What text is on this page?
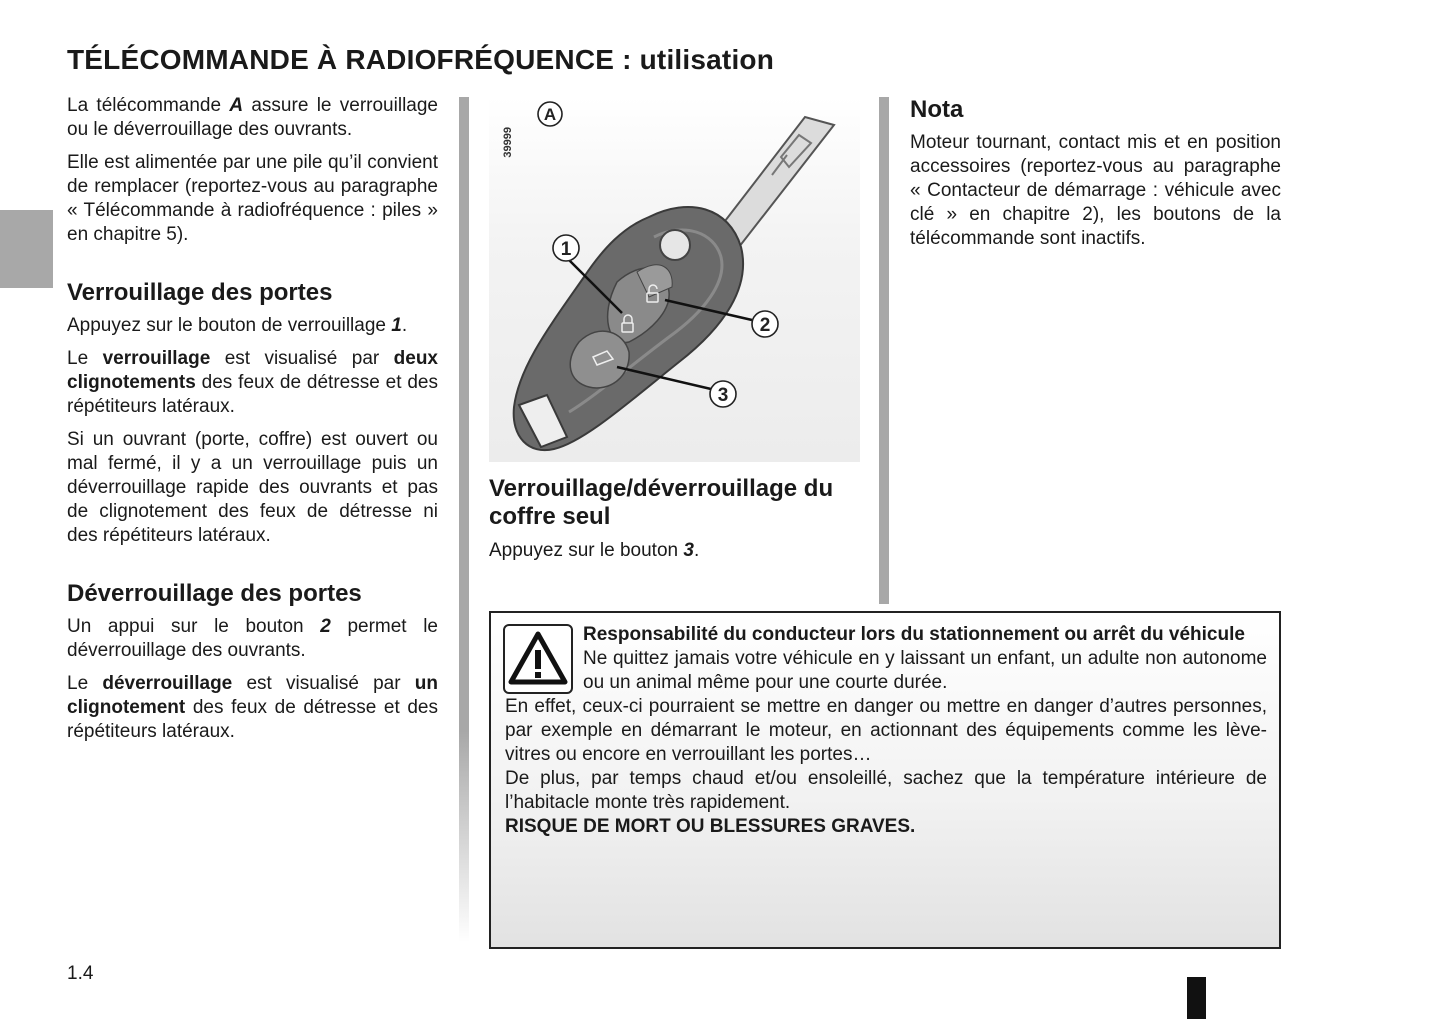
TÉLÉCOMMANDE À RADIOFRÉQUENCE : utilisation

La télécommande A assure le verrouillage ou le déverrouillage des ouvrants.

Elle est alimentée par une pile qu’il convient de remplacer (reportez-vous au paragraphe « Télécommande à radiofréquence : piles » en chapitre 5).

Verrouillage des portes

Appuyez sur le bouton de verrouillage 1.

Le verrouillage est visualisé par deux clignotements des feux de détresse et des répétiteurs latéraux.

Si un ouvrant (porte, coffre) est ouvert ou mal fermé, il y a un verrouillage puis un déverrouillage rapide des ouvrants et pas de clignotement des feux de détresse ni des répétiteurs latéraux.

Déverrouillage des portes

Un appui sur le bouton 2 permet le déverrouillage des ouvrants.

Le déverrouillage est visualisé par un clignotement des feux de détresse et des répétiteurs latéraux.

39999
A
1
2
3
Verrouillage/déverrouillage du coffre seul

Appuyez sur le bouton 3.

Nota

Moteur tournant, contact mis et en position accessoires (reportez-vous au paragraphe « Contacteur de démarrage : véhicule avec clé » en chapitre 2), les boutons de la télécommande sont inactifs.

Responsabilité du conducteur lors du stationnement ou arrêt du véhicule
Ne quittez jamais votre véhicule en y laissant un enfant, un adulte non autonome ou un animal même pour une courte durée.

En effet, ceux-ci pourraient se mettre en danger ou mettre en danger d’autres personnes, par exemple en démarrant le moteur, en actionnant des équipements comme les lève-vitres ou encore en verrouillant les portes…

De plus, par temps chaud et/ou ensoleillé, sachez que la température intérieure de l’habitacle monte très rapidement.

RISQUE DE MORT OU BLESSURES GRAVES.

1.4
